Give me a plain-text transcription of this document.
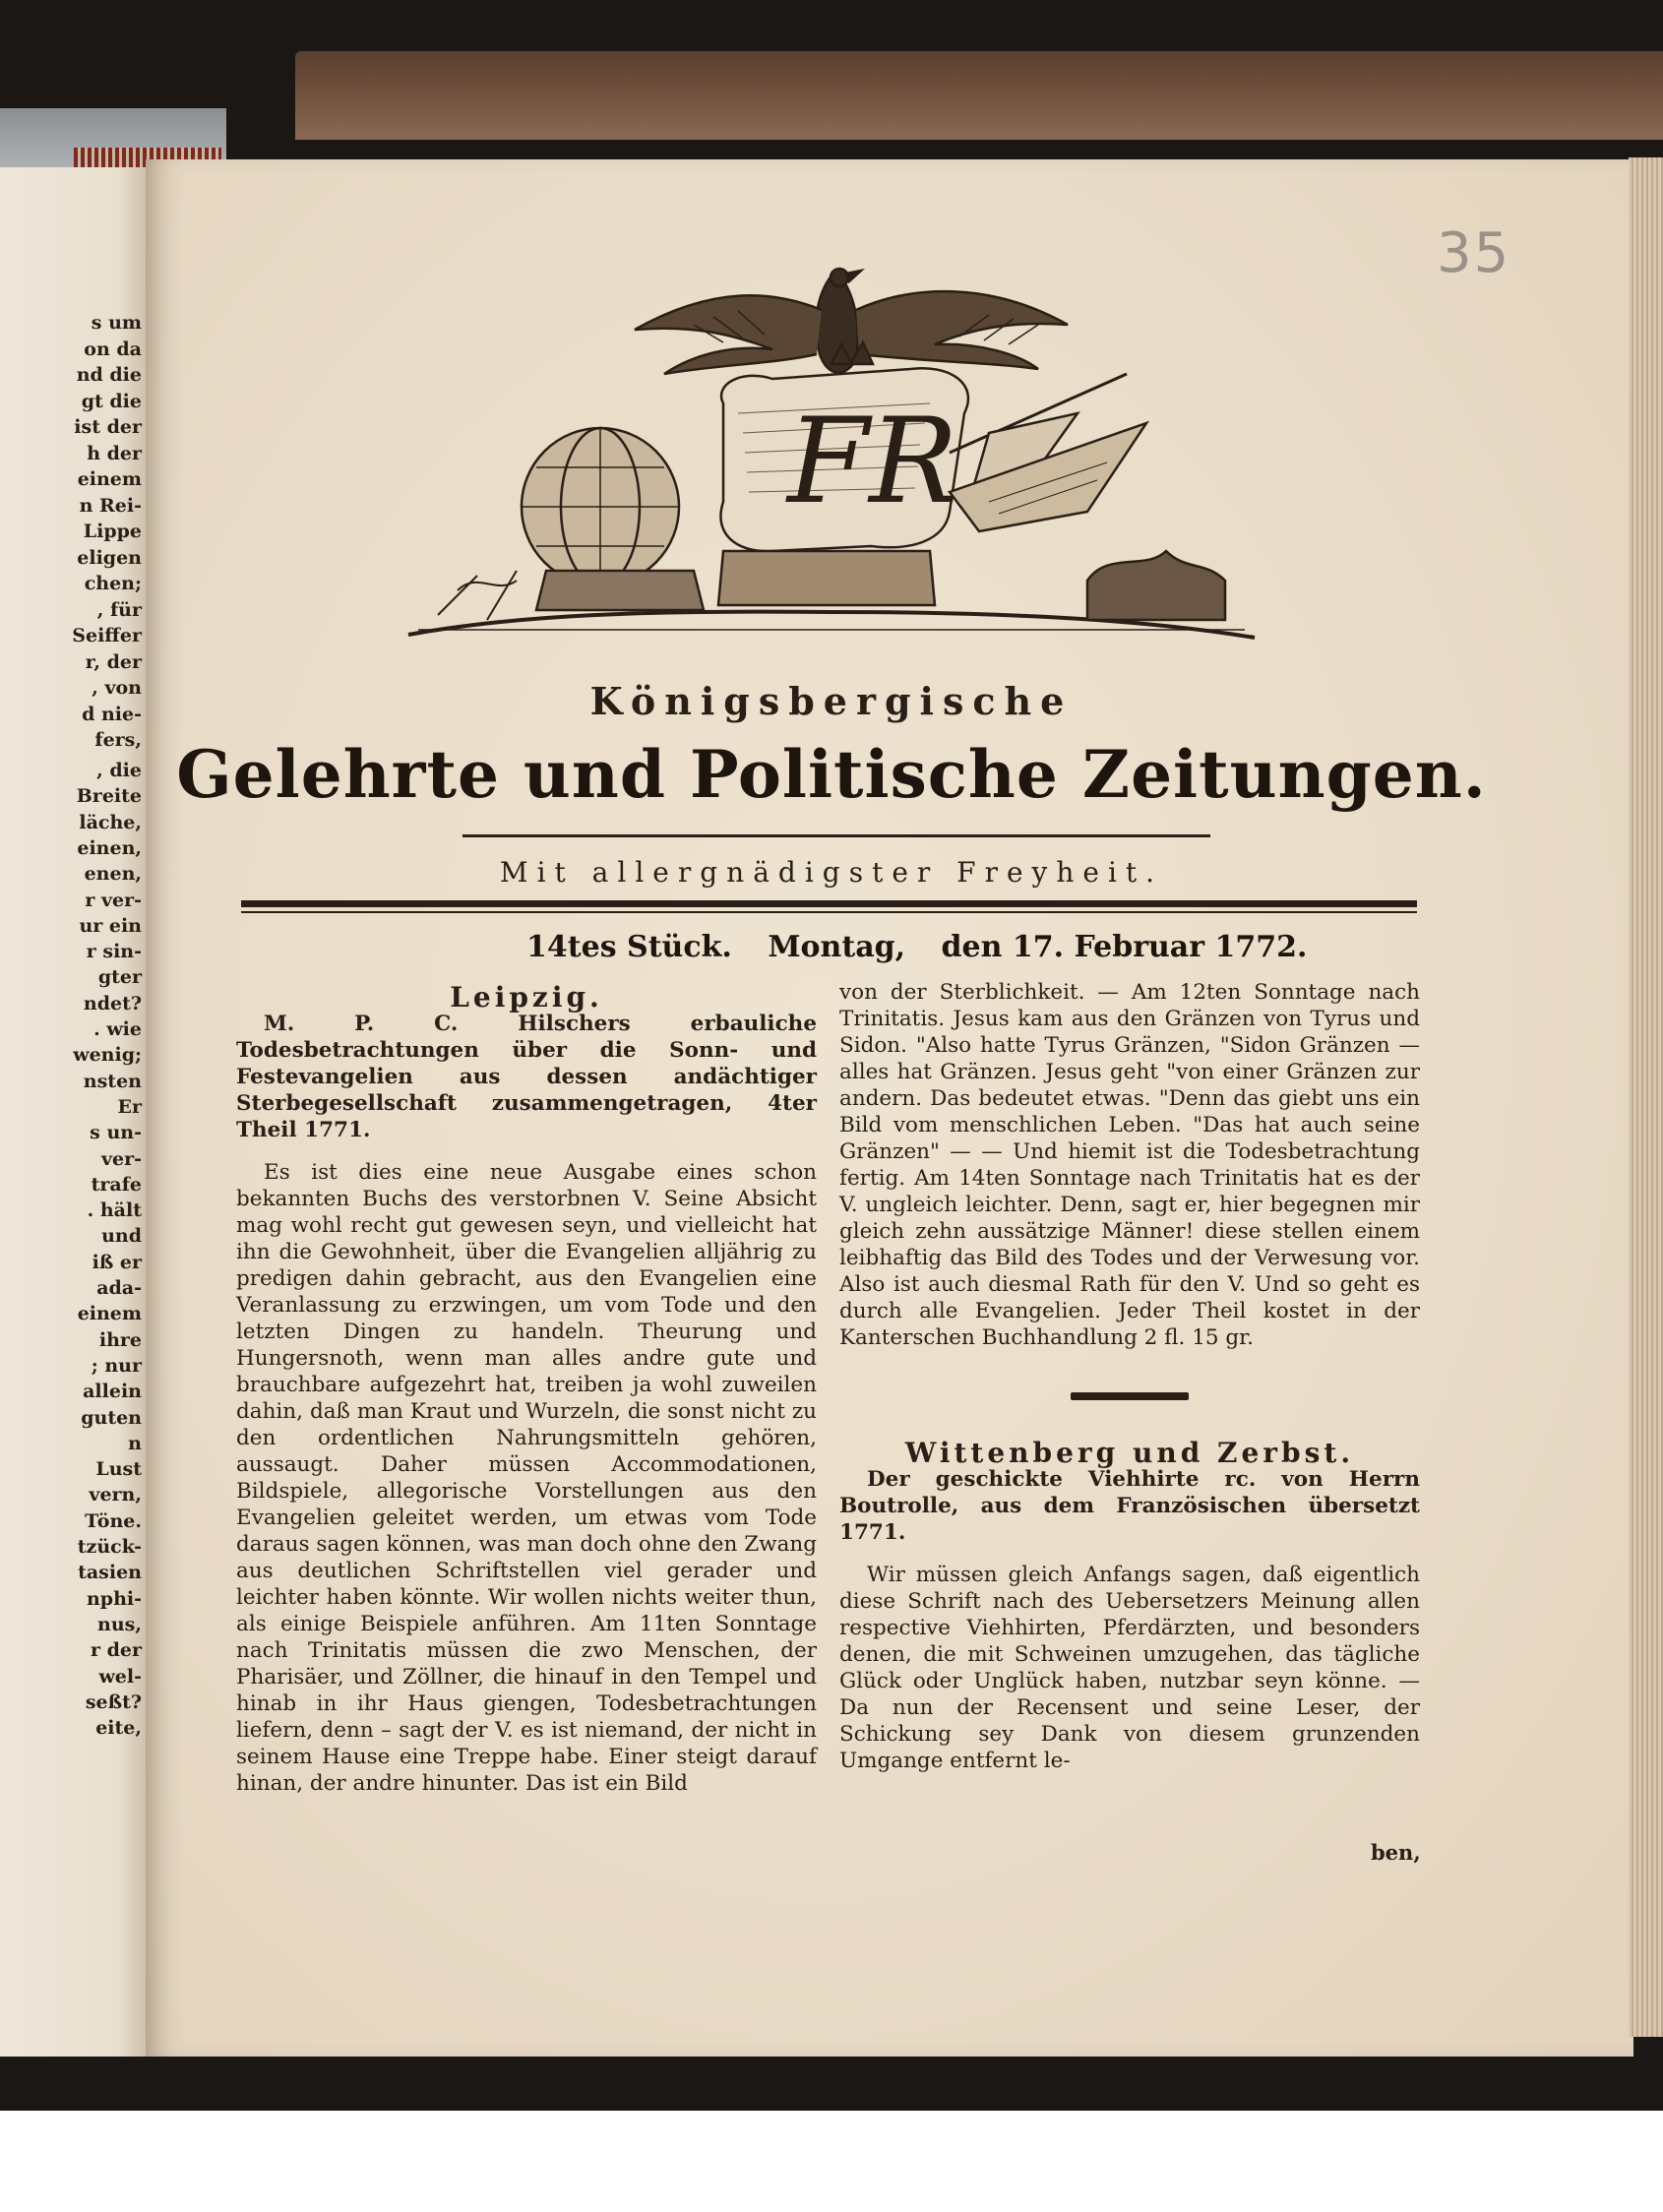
s um
on da
nd die
gt die
ist der
h der
einem
n Rei-
Lippe
eligen
chen;
, für
Seiffer
r, der
, von
d nie-
fers,
, die
Breite
läche,
einen,
enen,
r ver-
ur ein
r sin-
gter
ndet?
. wie
wenig;
nsten
Er
s un-
ver-
trafe
. hält
und
iß er
ada-
einem
ihre
; nur
allein
guten
n
Lust
vern,
Töne.
tzück-
tasien
nphi-
nus,
r der
wel-
seßt?
eite,
35
FR
Königsbergische
Gelehrte und Politische Zeitungen.
Mit allergnädigster Freyheit.
14tes Stück. Montag, den 17. Februar 1772.

Leipzig.

M. P. C. Hilschers erbauliche Todesbetrachtungen über die Sonn- und Festevangelien aus dessen andächtiger Sterbegesellschaft zusammengetragen, 4ter Theil 1771.

Es ist dies eine neue Ausgabe eines schon bekannten Buchs des verstorbnen V. Seine Absicht mag wohl recht gut gewesen seyn, und vielleicht hat ihn die Gewohnheit, über die Evangelien alljährig zu predigen dahin gebracht, aus den Evangelien eine Veranlassung zu erzwingen, um vom Tode und den letzten Dingen zu handeln. Theurung und Hungersnoth, wenn man alles andre gute und brauchbare aufgezehrt hat, treiben ja wohl zuweilen dahin, daß man Kraut und Wurzeln, die sonst nicht zu den ordentlichen Nahrungsmitteln gehören, aussaugt. Daher müssen Accommodationen, Bildspiele, allegorische Vorstellungen aus den Evangelien geleitet werden, um etwas vom Tode daraus sagen können, was man doch ohne den Zwang aus deutlichen Schriftstellen viel gerader und leichter haben könnte. Wir wollen nichts weiter thun, als einige Beispiele anführen. Am 11ten Sonntage nach Trinitatis müssen die zwo Menschen, der Pharisäer, und Zöllner, die hinauf in den Tempel und hinab in ihr Haus giengen, Todesbetrachtungen liefern, denn – sagt der V. es ist niemand, der nicht in seinem Hause eine Treppe habe. Einer steigt darauf hinan, der andre hinunter. Das ist ein Bild

von der Sterblichkeit. — Am 12ten Sonntage nach Trinitatis. Jesus kam aus den Gränzen von Tyrus und Sidon. "Also hatte Tyrus Gränzen, "Sidon Gränzen — alles hat Gränzen. Jesus geht "von einer Gränzen zur andern. Das bedeutet etwas. "Denn das giebt uns ein Bild vom menschlichen Leben. "Das hat auch seine Gränzen" — — Und hiemit ist die Todesbetrachtung fertig. Am 14ten Sonntage nach Trinitatis hat es der V. ungleich leichter. Denn, sagt er, hier begegnen mir gleich zehn aussätzige Männer! diese stellen einem leibhaftig das Bild des Todes und der Verwesung vor. Also ist auch diesmal Rath für den V. Und so geht es durch alle Evangelien. Jeder Theil kostet in der Kanterschen Buchhandlung 2 fl. 15 gr.

Wittenberg und Zerbst.

Der geschickte Viehhirte rc. von Herrn Boutrolle, aus dem Französischen übersetzt 1771.

Wir müssen gleich Anfangs sagen, daß eigentlich diese Schrift nach des Uebersetzers Meinung allen respective Viehhirten, Pferdärzten, und besonders denen, die mit Schweinen umzugehen, das tägliche Glück oder Unglück haben, nutzbar seyn könne. — Da nun der Recensent und seine Leser, der Schickung sey Dank von diesem grunzenden Umgange entfernt le-

ben,
